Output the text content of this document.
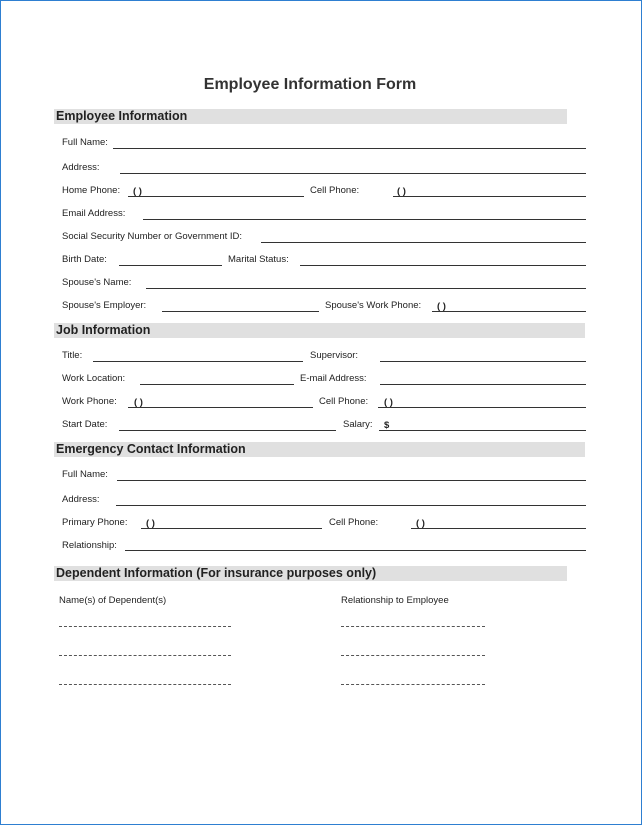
Employee Information Form
Employee Information
Full Name:
Address:
Home Phone: ( )	Cell Phone:	( )
Email Address:
Social Security Number or Government ID:
Birth Date:	Marital Status:
Spouse's Name:
Spouse's Employer:	Spouse's Work Phone: ( )
Job Information
Title:	Supervisor:
Work Location:	E-mail Address:
Work Phone: ( )	Cell Phone: ( )
Start Date:	Salary: $
Emergency Contact Information
Full Name:
Address:
Primary Phone: ( )	Cell Phone:	( )
Relationship:
Dependent Information (For insurance purposes only)
Name(s) of Dependent(s)	Relationship to Employee
